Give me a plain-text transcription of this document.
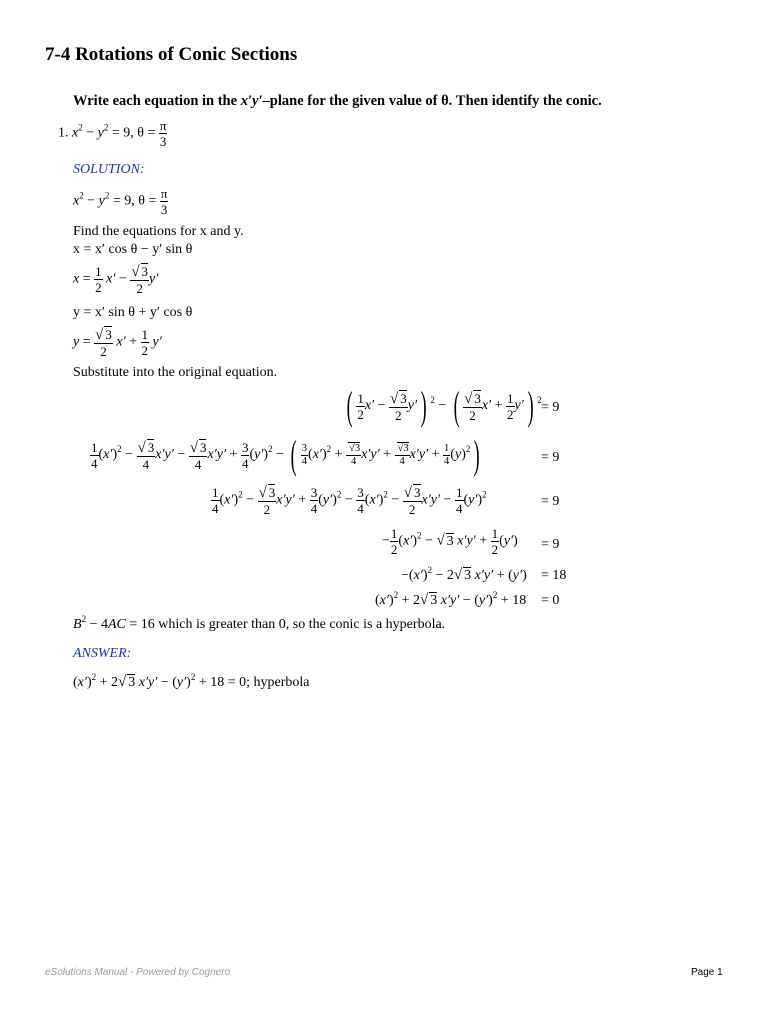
7-4 Rotations of Conic Sections
Write each equation in the x′y′–plane for the given value of θ. Then identify the conic.
1. $x^2 - y^2 = 9$, $\theta = \frac{\pi}{3}$
SOLUTION:
$x^2 - y^2 = 9$, $\theta = \frac{\pi}{3}$
Find the equations for x and y.
x = x′ cos θ − y′ sin θ
$x = \frac{1}{2} x' - \frac{√ 3}{2} y'$
y = x′ sin θ + y′ cos θ
$y = \frac{√ 3}{2} x' + \frac{1}{2} y'$
Substitute into the original equation.
( $\frac{1}{2} x' - \frac{√ 3}{2} y'$) $^2$ − ( $\frac{√ 3}{2} x' + \frac{1}{2} y'$) $^2$ = 9
$\frac{1}{4} (x')^2 - \frac{√ 3}{4} x'y' - \frac{√ 3}{4} x'y' + \frac{3}{4} (y')^2$ − ( $\frac{3}{4} (x')^2 + \frac{√3}{4} x'y' + \frac{√3}{4} x'y' + \frac{1}{4} (y)^2$)	= 9
$\frac{1}{4} (x')^2 - \frac{√ 3}{2} x'y' + \frac{3}{4} (y')^2 - \frac{3}{4} (x')^2 - \frac{√ 3}{2} x'y' - \frac{1}{4} (y')^2$	= 9
− $\frac{1}{2} (x')^2$ − √ 3 $x'y' + \frac{1}{2} (y') = 9$
$-(x')^2 - 2√$ 3 x′y′ + (y′) = 18
$(x')^2 + 2√$ 3 $x'y' - (y')^2 + 18 = 0$
$B^2 - 4AC = 16$ which is greater than 0, so the conic is a hyperbola.
ANSWER:
$(x')^2 + 2√$ 3 $x'y' - (y')^2 + 18 = 0$; hyperbola
eSolutions Manual - Powered by Cognero	Page 1
